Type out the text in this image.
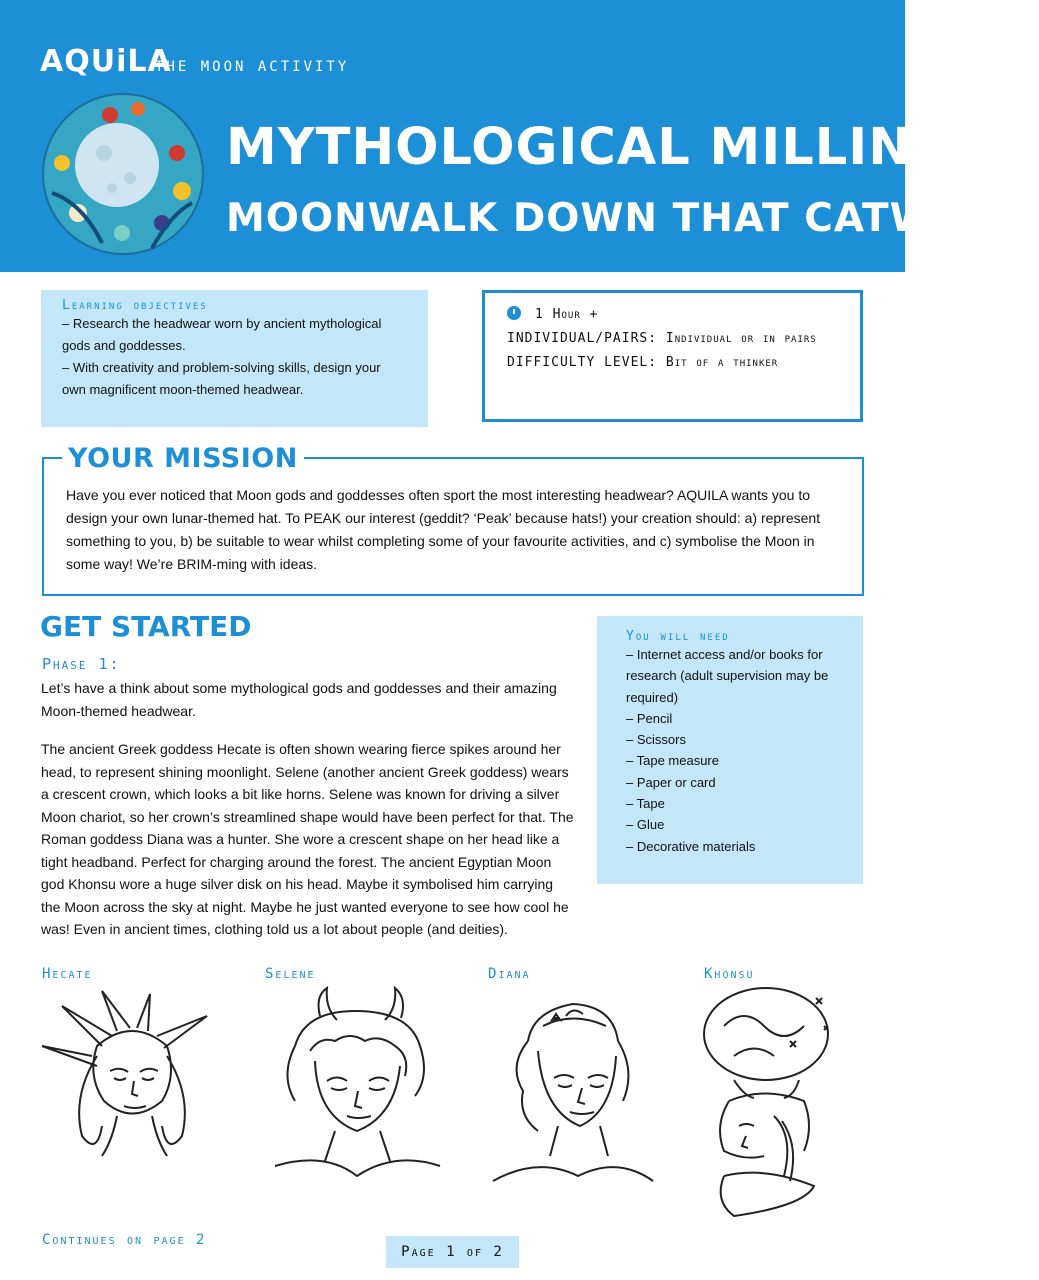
AQUiLA
THE MOON ACTIVITY
MYTHOLOGICAL MILLINERY
MOONWALK DOWN THAT CATWALK!
Learning objectives
– Research the headwear worn by ancient mythological gods and goddesses.
– With creativity and problem-solving skills, design your own magnificent moon-themed headwear.
1 Hour +
INDIVIDUAL/PAIRS: Individual or in pairs
DIFFICULTY LEVEL: Bit of a thinker
YOUR MISSION
Have you ever noticed that Moon gods and goddesses often sport the most interesting headwear? AQUILA wants you to design your own lunar-themed hat. To PEAK our interest (geddit? ‘Peak’ because hats!) your creation should: a) represent something to you, b) be suitable to wear whilst completing some of your favourite activities, and c) symbolise the Moon in some way! We’re BRIM-ming with ideas.
GET STARTED
Phase 1:
Let’s have a think about some mythological gods and goddesses and their amazing Moon-themed headwear.
The ancient Greek goddess Hecate is often shown wearing fierce spikes around her head, to represent shining moonlight. Selene (another ancient Greek goddess) wears a crescent crown, which looks a bit like horns. Selene was known for driving a silver Moon chariot, so her crown’s streamlined shape would have been perfect for that. The Roman goddess Diana was a hunter. She wore a crescent shape on her head like a tight headband. Perfect for charging around the forest. The ancient Egyptian Moon god Khonsu wore a huge silver disk on his head. Maybe it symbolised him carrying the Moon across the sky at night. Maybe he just wanted everyone to see how cool he was! Even in ancient times, clothing told us a lot about people (and deities).
You will need
– Internet access and/or books for research (adult supervision may be required)
– Pencil
– Scissors
– Tape measure
– Paper or card
– Tape
– Glue
– Decorative materials
Hecate	Selene	Diana	Khonsu
Continues on page 2
Page 1 of 2
